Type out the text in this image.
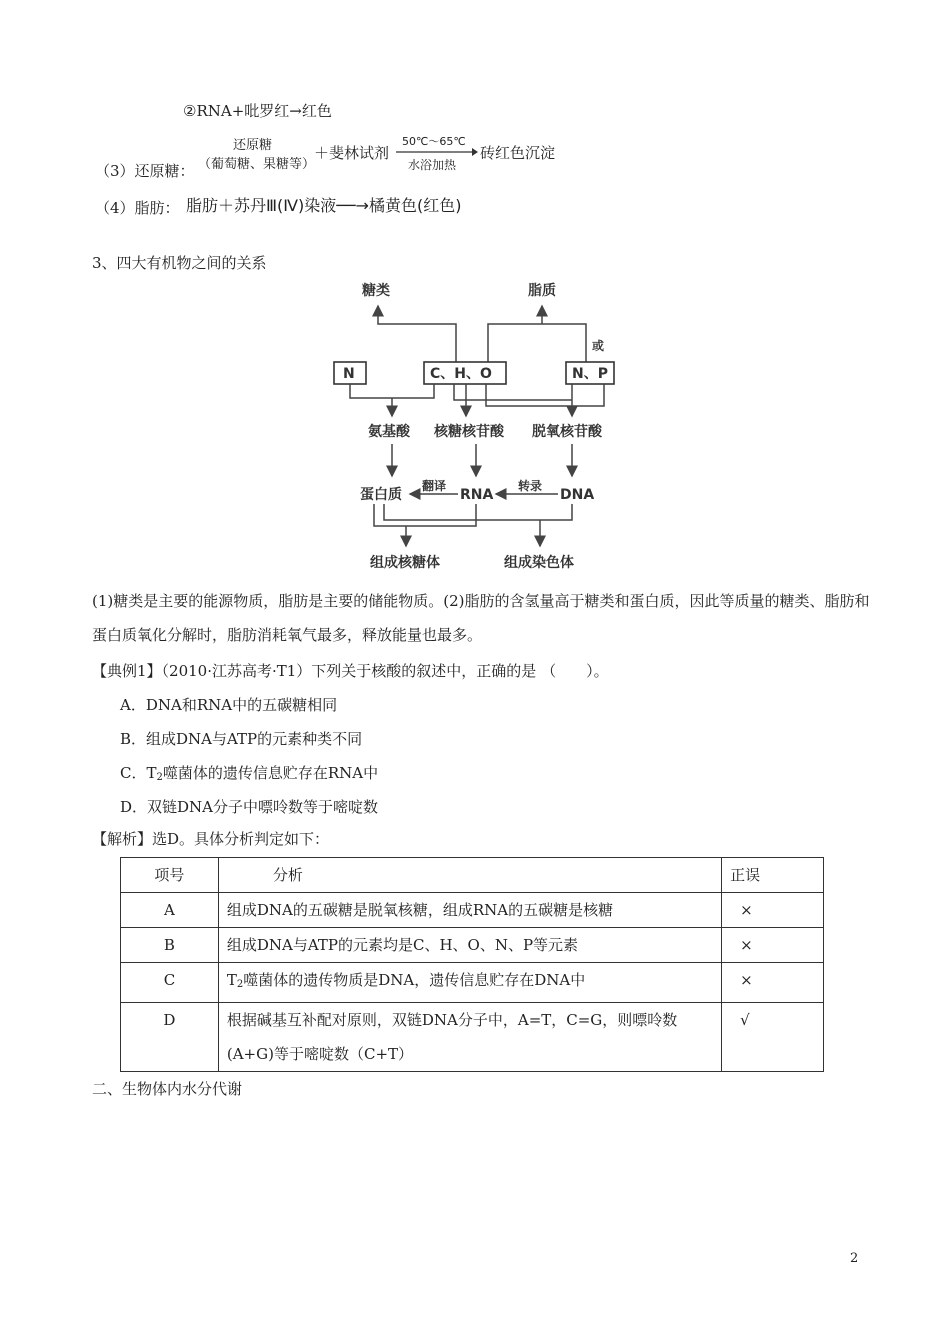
②RNA+吡罗红→红色
（3）还原糖：
还原糖
（葡萄糖、果糖等）
＋斐林试剂
50℃～65℃
水浴加热
砖红色沉淀
（4）脂肪： 脂肪＋苏丹Ⅲ(Ⅳ)染液──→橘黄色(红色)
3、四大有机物之间的关系
糖类	脂质
或
N	C、H、O	N、P
氨基酸 核糖核苷酸 脱氧核苷酸
蛋白质
翻译
RNA
转录
DNA
组成核糖体	组成染色体
(1)糖类是主要的能源物质，脂肪是主要的储能物质。(2)脂肪的含氢量高于糖类和蛋白质，因此等质量的糖类、脂肪和蛋白质氧化分解时，脂肪消耗氧气最多，释放能量也最多。
【典例1】（2010·江苏高考·T1）下列关于核酸的叙述中，正确的是 （　　）。
A．DNA和RNA中的五碳糖相同
B．组成DNA与ATP的元素种类不同
C．$T_2$噬菌体的遗传信息贮存在RNA中
D．双链DNA分子中嘌呤数等于嘧啶数
【解析】选D。具体分析判定如下：
项号	分析	正误
A	组成DNA的五碳糖是脱氧核糖，组成RNA的五碳糖是核糖	×
B	组成DNA与ATP的元素均是C、H、O、N、P等元素	×
C	$T_2$噬菌体的遗传物质是DNA，遗传信息贮存在DNA中	×
D	根据碱基互补配对原则，双链DNA分子中，A=T，C=G，则嘌呤数(A+G)等于嘧啶数（C+T）	√
二、生物体内水分代谢
2
